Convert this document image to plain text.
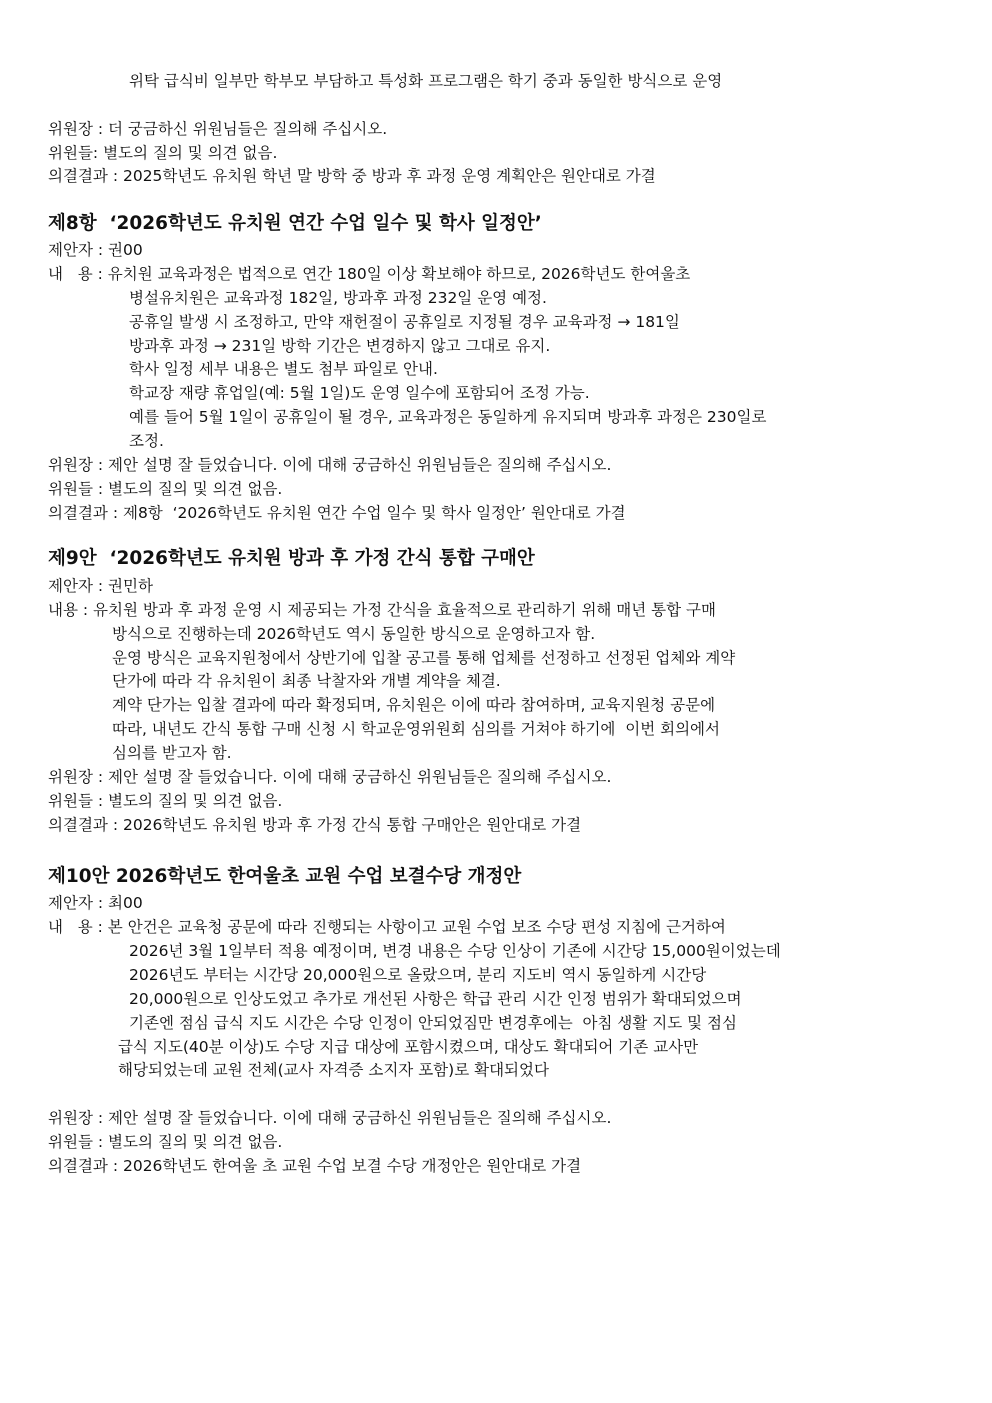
위탁 급식비 일부만 학부모 부담하고 특성화 프로그램은 학기 중과 동일한 방식으로 운영
위원장 : 더 궁금하신 위원님들은 질의해 주십시오.
위원들: 별도의 질의 및 의견 없음.
의결결과 : 2025학년도 유치원 학년 말 방학 중 방과 후 과정 운영 계획안은 원안대로 가결
제8항  ‘2026학년도 유치원 연간 수업 일수 및 학사 일정안’
제안자 : 권00
내   용 : 유치원 교육과정은 법적으로 연간 180일 이상 확보해야 하므로, 2026학년도 한여울초
병설유치원은 교육과정 182일, 방과후 과정 232일 운영 예정.
공휴일 발생 시 조정하고, 만약 재헌절이 공휴일로 지정될 경우 교육과정 → 181일
방과후 과정 → 231일 방학 기간은 변경하지 않고 그대로 유지.
학사 일정 세부 내용은 별도 첨부 파일로 안내.
학교장 재량 휴업일(예: 5월 1일)도 운영 일수에 포함되어 조정 가능.
예를 들어 5월 1일이 공휴일이 될 경우, 교육과정은 동일하게 유지되며 방과후 과정은 230일로
조정.
위원장 : 제안 설명 잘 들었습니다. 이에 대해 궁금하신 위원님들은 질의해 주십시오.
위원들 : 별도의 질의 및 의견 없음.
의결결과 : 제8항  ‘2026학년도 유치원 연간 수업 일수 및 학사 일정안’ 원안대로 가결
제9안  ‘2026학년도 유치원 방과 후 가정 간식 통합 구매안
제안자 : 권민하
내용 : 유치원 방과 후 과정 운영 시 제공되는 가정 간식을 효율적으로 관리하기 위해 매년 통합 구매
방식으로 진행하는데 2026학년도 역시 동일한 방식으로 운영하고자 함.
운영 방식은 교육지원청에서 상반기에 입찰 공고를 통해 업체를 선정하고 선정된 업체와 계약
단가에 따라 각 유치원이 최종 낙찰자와 개별 계약을 체결.
계약 단가는 입찰 결과에 따라 확정되며, 유치원은 이에 따라 참여하며, 교육지원청 공문에
따라, 내년도 간식 통합 구매 신청 시 학교운영위원회 심의를 거쳐야 하기에  이번 회의에서
심의를 받고자 함.
위원장 : 제안 설명 잘 들었습니다. 이에 대해 궁금하신 위원님들은 질의해 주십시오.
위원들 : 별도의 질의 및 의견 없음.
의결결과 : 2026학년도 유치원 방과 후 가정 간식 통합 구매안은 원안대로 가결
제10안 2026학년도 한여울초 교원 수업 보결수당 개정안
제안자 : 최00
내   용 : 본 안건은 교육청 공문에 따라 진행되는 사항이고 교원 수업 보조 수당 편성 지침에 근거하여
2026년 3월 1일부터 적용 예정이며, 변경 내용은 수당 인상이 기존에 시간당 15,000원이었는데
2026년도 부터는 시간당 20,000원으로 올랐으며, 분리 지도비 역시 동일하게 시간당
20,000원으로 인상도었고 추가로 개선된 사항은 학급 관리 시간 인정 범위가 확대되었으며
기존엔 점심 급식 지도 시간은 수당 인정이 안되었짐만 변경후에는  아침 생활 지도 및 점심
급식 지도(40분 이상)도 수당 지급 대상에 포함시켰으며, 대상도 확대되어 기존 교사만
해당되었는데 교원 전체(교사 자격증 소지자 포함)로 확대되었다
위원장 : 제안 설명 잘 들었습니다. 이에 대해 궁금하신 위원님들은 질의해 주십시오.
위원들 : 별도의 질의 및 의견 없음.
의결결과 : 2026학년도 한여울 초 교원 수업 보결 수당 개정안은 원안대로 가결
